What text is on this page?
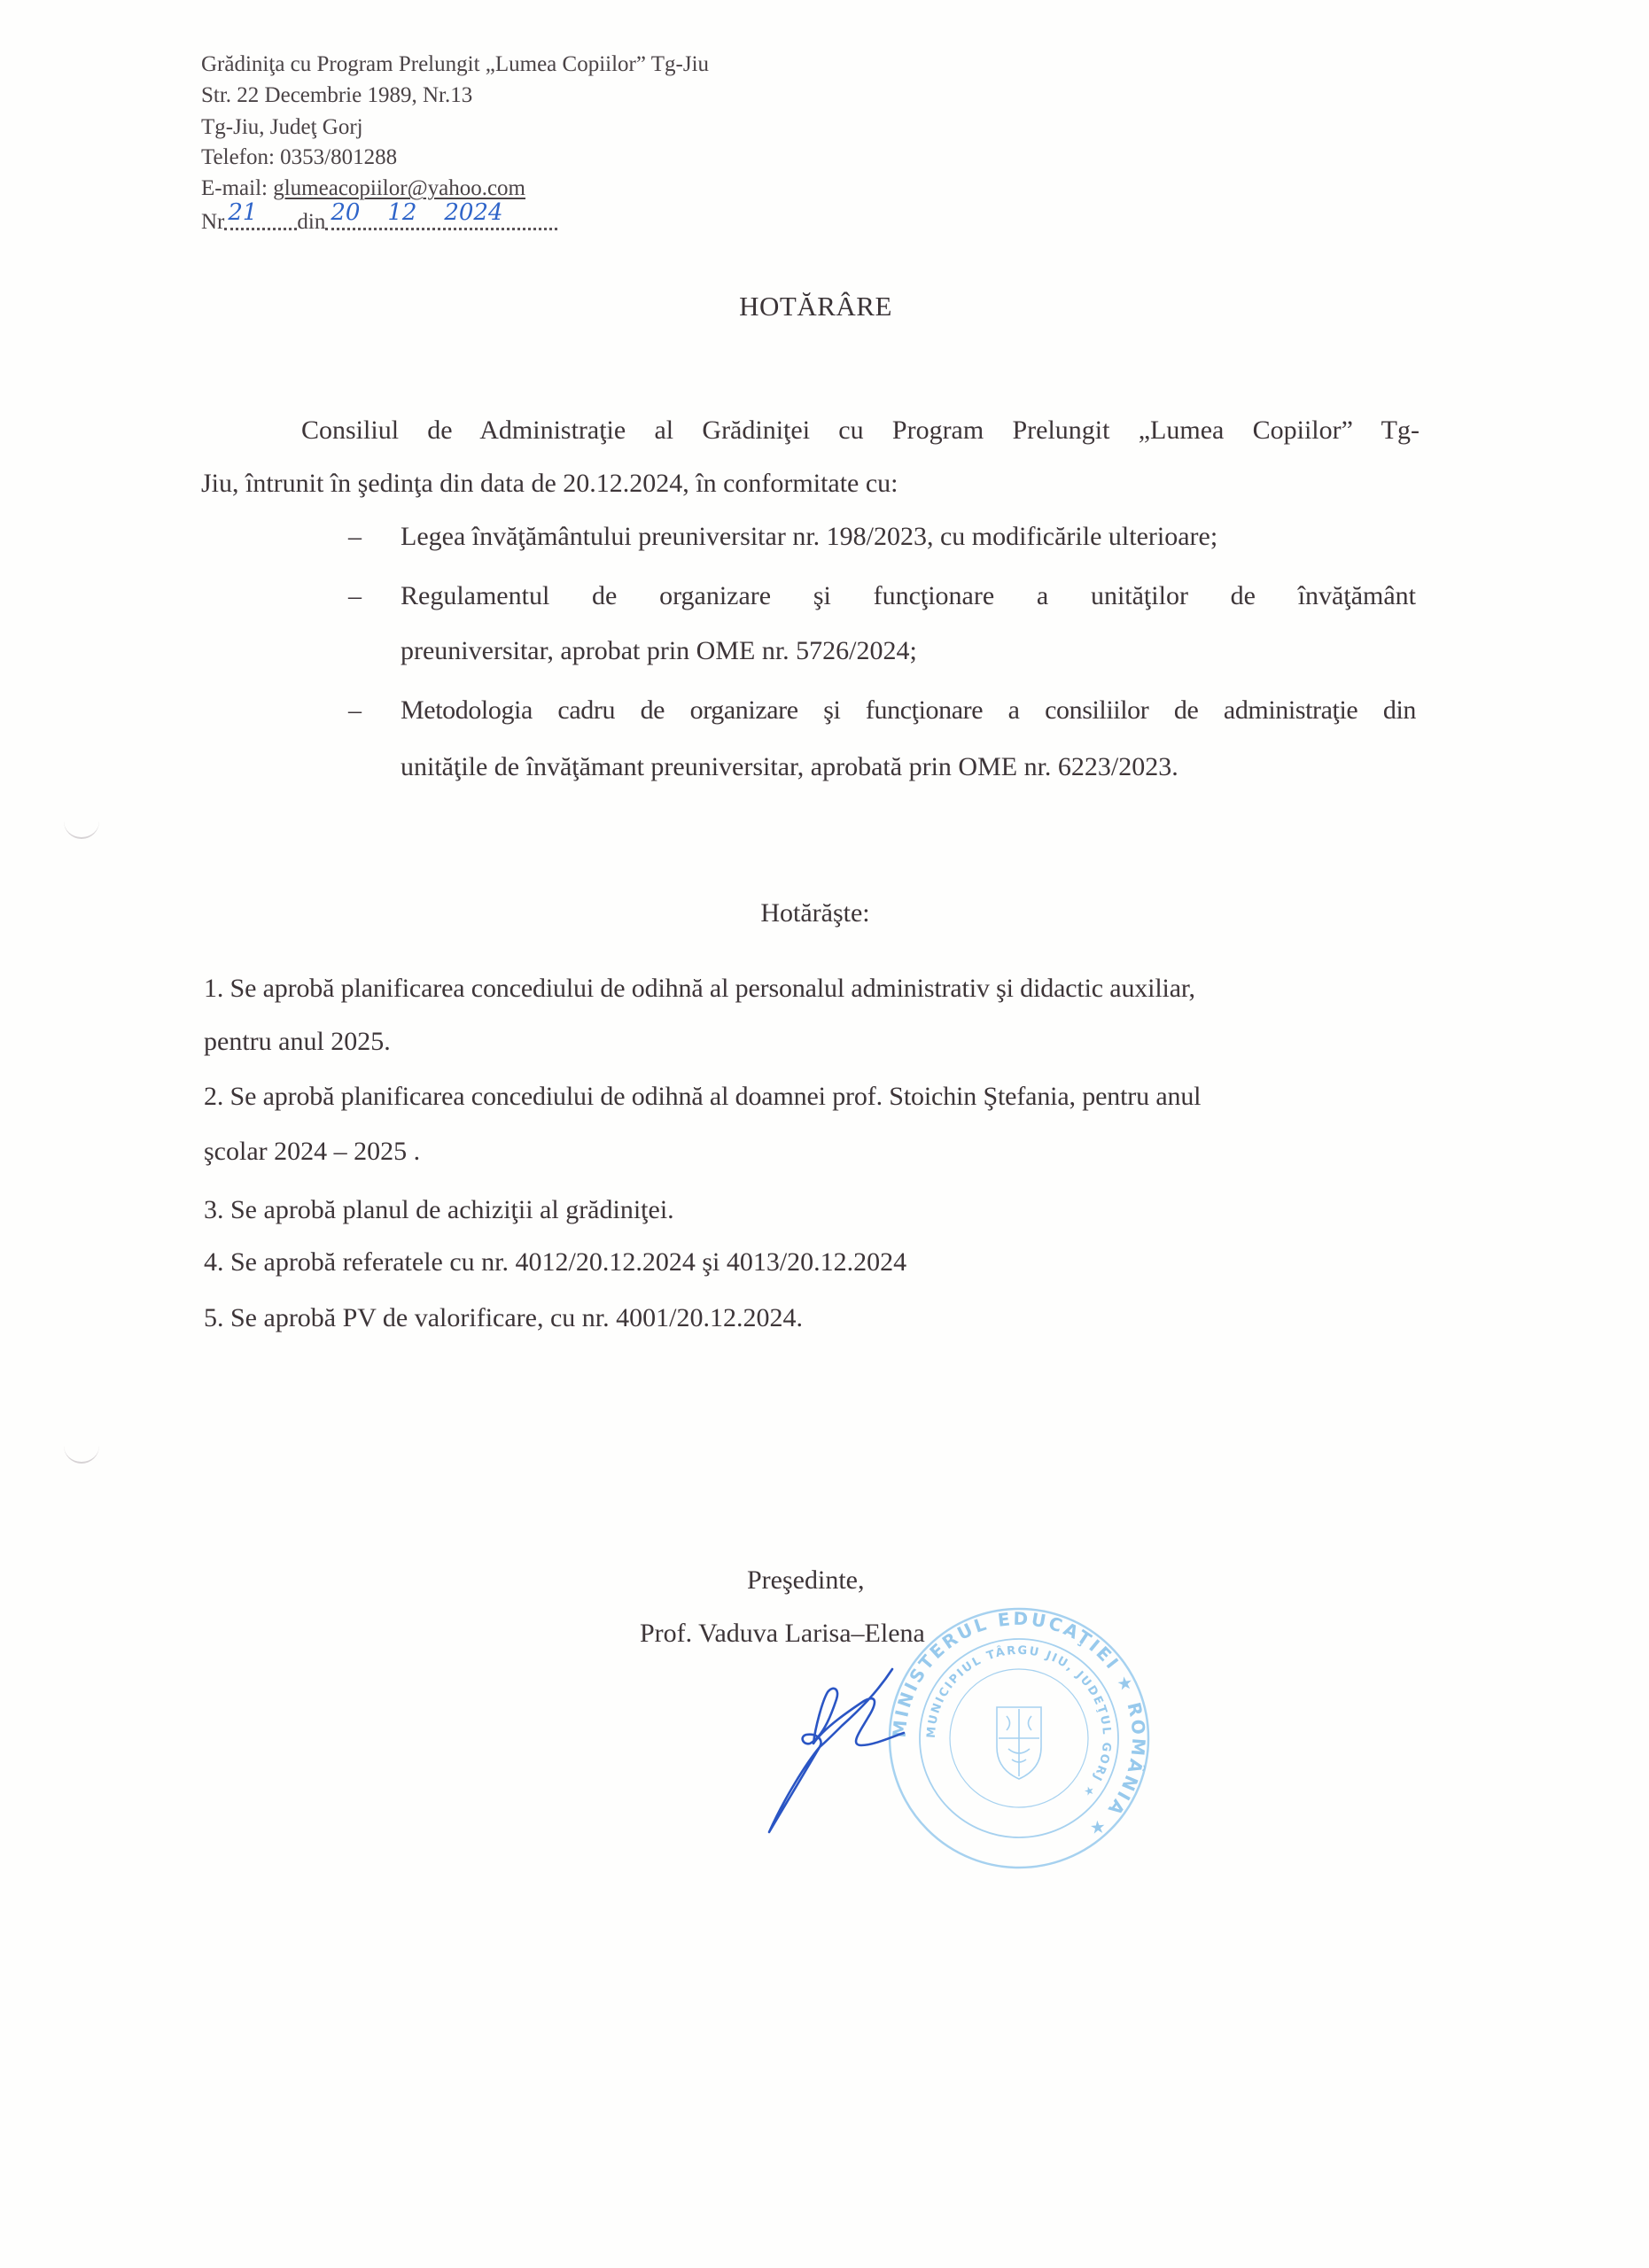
Grădiniţa cu Program Prelungit „Lumea Copiilor” Tg-Jiu
Str. 22 Decembrie 1989, Nr.13
Tg-Jiu, Judeţ Gorj
Telefon: 0353/801288
E-mail: glumeacopiilor@yahoo.com
Nr 21 din 20 12 2024
HOTĂRÂRE
Consiliul de Administraţie al Grădiniţei cu Program Prelungit „Lumea Copiilor” Tg-
Jiu, întrunit în şedinţa din data de 20.12.2024, în conformitate cu:
– Legea învăţământului preuniversitar nr. 198/2023, cu modificările ulterioare;
– Regulamentul de organizare şi funcţionare a unităţilor de învăţământ
preuniversitar, aprobat prin OME nr. 5726/2024;
– Metodologia cadru de organizare şi funcţionare a consiliilor de administraţie din
unităţile de învăţămant preuniversitar, aprobată prin OME nr. 6223/2023.
Hotărăşte:
1. Se aprobă planificarea concediului de odihnă al personalul administrativ şi didactic auxiliar,
pentru anul 2025.
2. Se aprobă planificarea concediului de odihnă al doamnei prof. Stoichin Ştefania, pentru anul
şcolar 2024 – 2025 .
3. Se aprobă planul de achiziţii al grădiniţei.
4. Se aprobă referatele cu nr. 4012/20.12.2024 şi 4013/20.12.2024
5. Se aprobă PV de valorificare, cu nr. 4001/20.12.2024.
Preşedinte,
Prof. Vaduva Larisa–Elena
MINISTERUL EDUCAŢIEI ★ ROMÂNIA ★
MUNICIPIUL TÂRGU JIU, JUDEŢUL GORJ ★
